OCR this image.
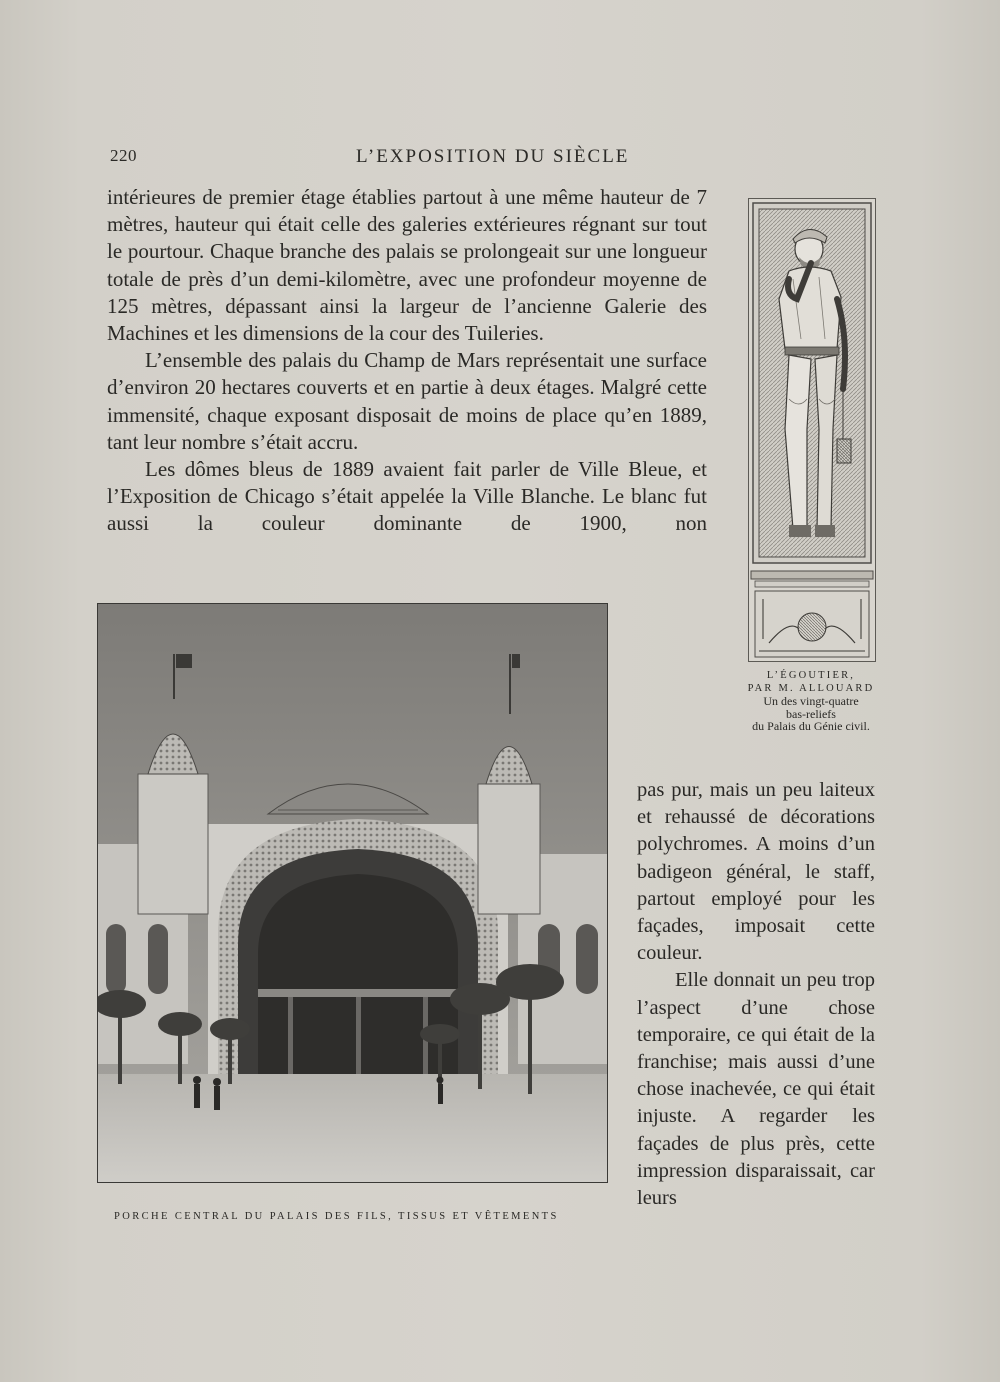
220	L’EXPOSITION DU SIÈCLE

intérieures de premier étage établies partout à une même hauteur de 7 mètres, hauteur qui était celle des galeries extérieures régnant sur tout le pourtour. Chaque branche des palais se prolongeait sur une longueur totale de près d’un demi-kilomètre, avec une profondeur moyenne de 125 mètres, dépassant ainsi la largeur de l’ancienne Galerie des Machines et les dimensions de la cour des Tuileries.

L’ensemble des palais du Champ de Mars représentait une surface d’environ 20 hectares couverts et en partie à deux étages. Malgré cette immensité, chaque exposant disposait de moins de place qu’en 1889, tant leur nombre s’était accru.

Les dômes bleus de 1889 avaient fait parler de Ville Bleue, et l’Exposition de Chicago s’était appelée la Ville Blanche. Le blanc fut aussi la couleur dominante de 1900, non

L’ÉGOUTIER,
PAR M. ALLOUARD
Un des vingt-quatre
bas-reliefs
du Palais du Génie civil.
PORCHE CENTRAL DU PALAIS DES FILS, TISSUS ET VÊTEMENTS

pas pur, mais un peu laiteux et rehaussé de décorations polychromes. A moins d’un badigeon général, le staff, partout employé pour les façades, imposait cette couleur.

Elle donnait un peu trop l’aspect d’une chose temporaire, ce qui était de la franchise; mais aussi d’une chose inachevée, ce qui était injuste. A regarder les façades de plus près, cette impression disparaissait, car leurs
